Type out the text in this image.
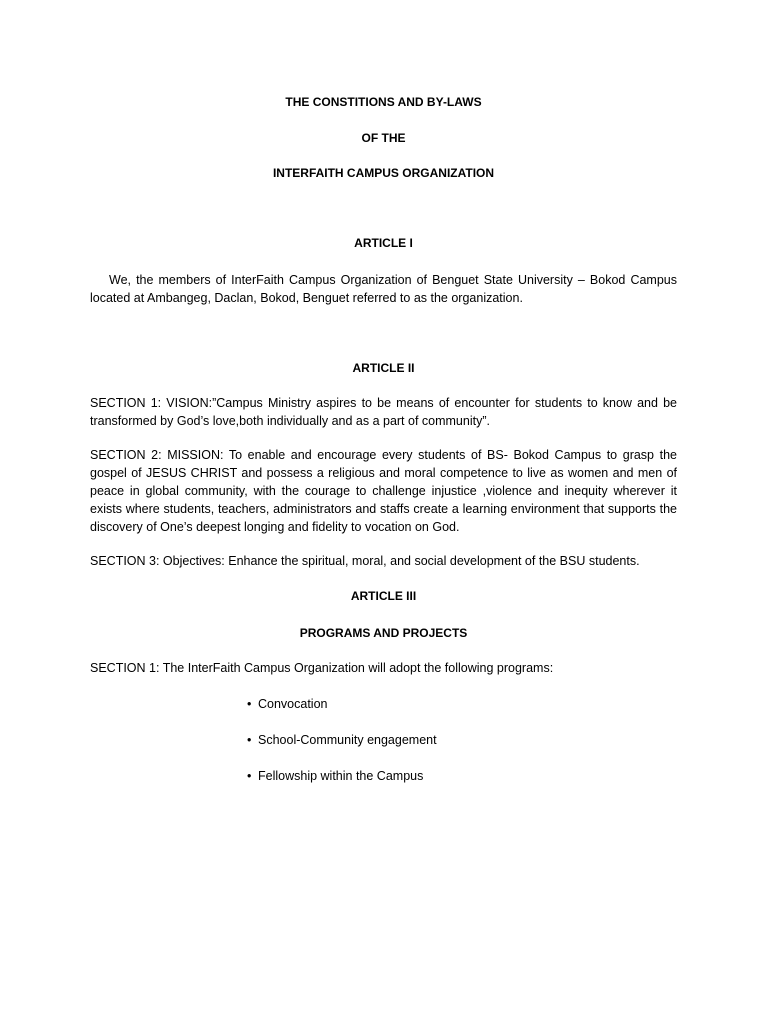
THE CONSTITIONS AND BY-LAWS
OF THE
INTERFAITH CAMPUS ORGANIZATION
ARTICLE I

We, the members of InterFaith Campus Organization of Benguet State University – Bokod Campus located at Ambangeg, Daclan, Bokod, Benguet referred to as the organization.

ARTICLE II

SECTION 1: VISION:”Campus Ministry aspires to be means of encounter for students to know and be transformed by God’s love,both individually and as a part of community”.

SECTION 2: MISSION: To enable and encourage every students of BS- Bokod Campus to grasp the gospel of JESUS CHRIST and possess a religious and moral competence to live as women and men of peace in global community, with the courage to challenge injustice ,violence and inequity wherever it exists where students, teachers, administrators and staffs create a learning environment that supports the discovery of One’s deepest longing and fidelity to vocation on God.

SECTION 3: Objectives: Enhance the spiritual, moral, and social development of the BSU students.

ARTICLE III
PROGRAMS AND PROJECTS

SECTION 1: The InterFaith Campus Organization will adopt the following programs:

• Convocation
• School-Community engagement
• Fellowship within the Campus
